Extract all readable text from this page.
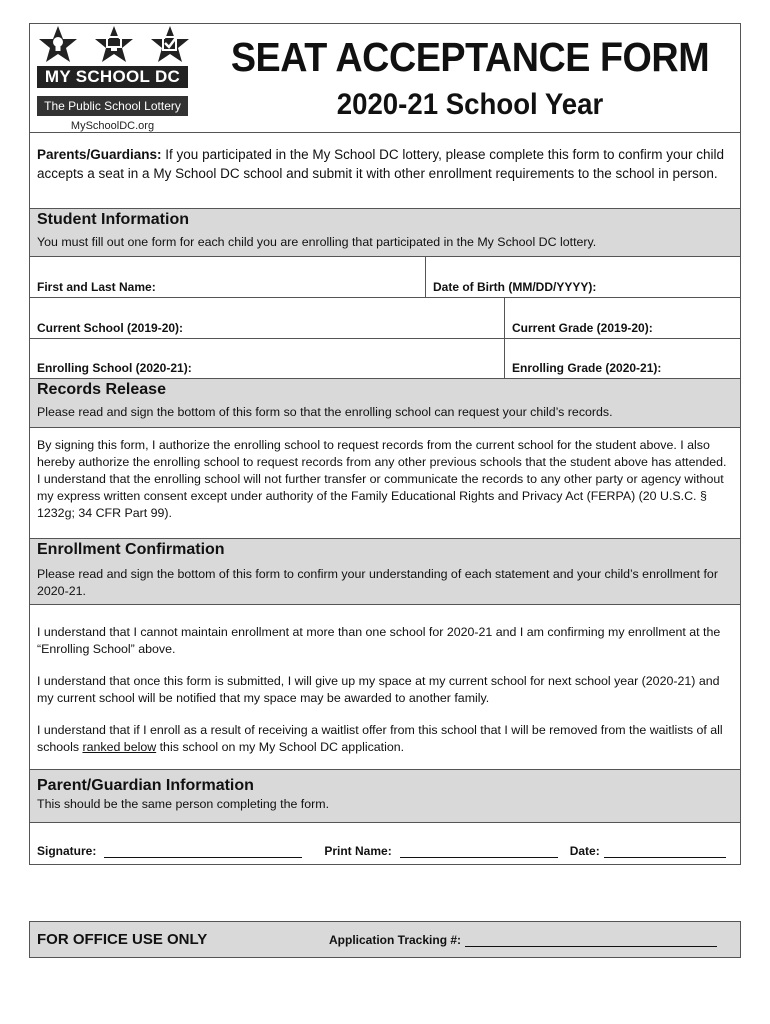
MY SCHOOL DC
The Public School Lottery
MySchoolDC.org
SEAT ACCEPTANCE FORM
2020-21 School Year
Parents/Guardians: If you participated in the My School DC lottery, please complete this form to confirm your child accepts a seat in a My School DC school and submit it with other enrollment requirements to the school in person.
Student Information
You must fill out one form for each child you are enrolling that participated in the My School DC lottery.
First and Last Name:	Date of Birth (MM/DD/YYYY):
Current School (2019-20):	Current Grade (2019-20):
Enrolling School (2020-21):	Enrolling Grade (2020-21):
Records Release
Please read and sign the bottom of this form so that the enrolling school can request your child’s records.

By signing this form, I authorize the enrolling school to request records from the current school for the student above. I also hereby authorize the enrolling school to request records from any other previous schools that the student above has attended. I understand that the enrolling school will not further transfer or communicate the records to any other party or agency without my express written consent except under authority of the Family Educational Rights and Privacy Act (FERPA) (20 U.S.C. § 1232g; 34 CFR Part 99).

Enrollment Confirmation
Please read and sign the bottom of this form to confirm your understanding of each statement and your child’s enrollment for 2020-21.

I understand that I cannot maintain enrollment at more than one school for 2020-21 and I am confirming my enrollment at the “Enrolling School” above.

I understand that once this form is submitted, I will give up my space at my current school for next school year (2020-21) and my current school will be notified that my space may be awarded to another family.

I understand that if I enroll as a result of receiving a waitlist offer from this school that I will be removed from the waitlists of all schools ranked below this school on my My School DC application.

Parent/Guardian Information
This should be the same person completing the form.
Signature:	Print Name:	Date:
FOR OFFICE USE ONLY	Application Tracking #:
